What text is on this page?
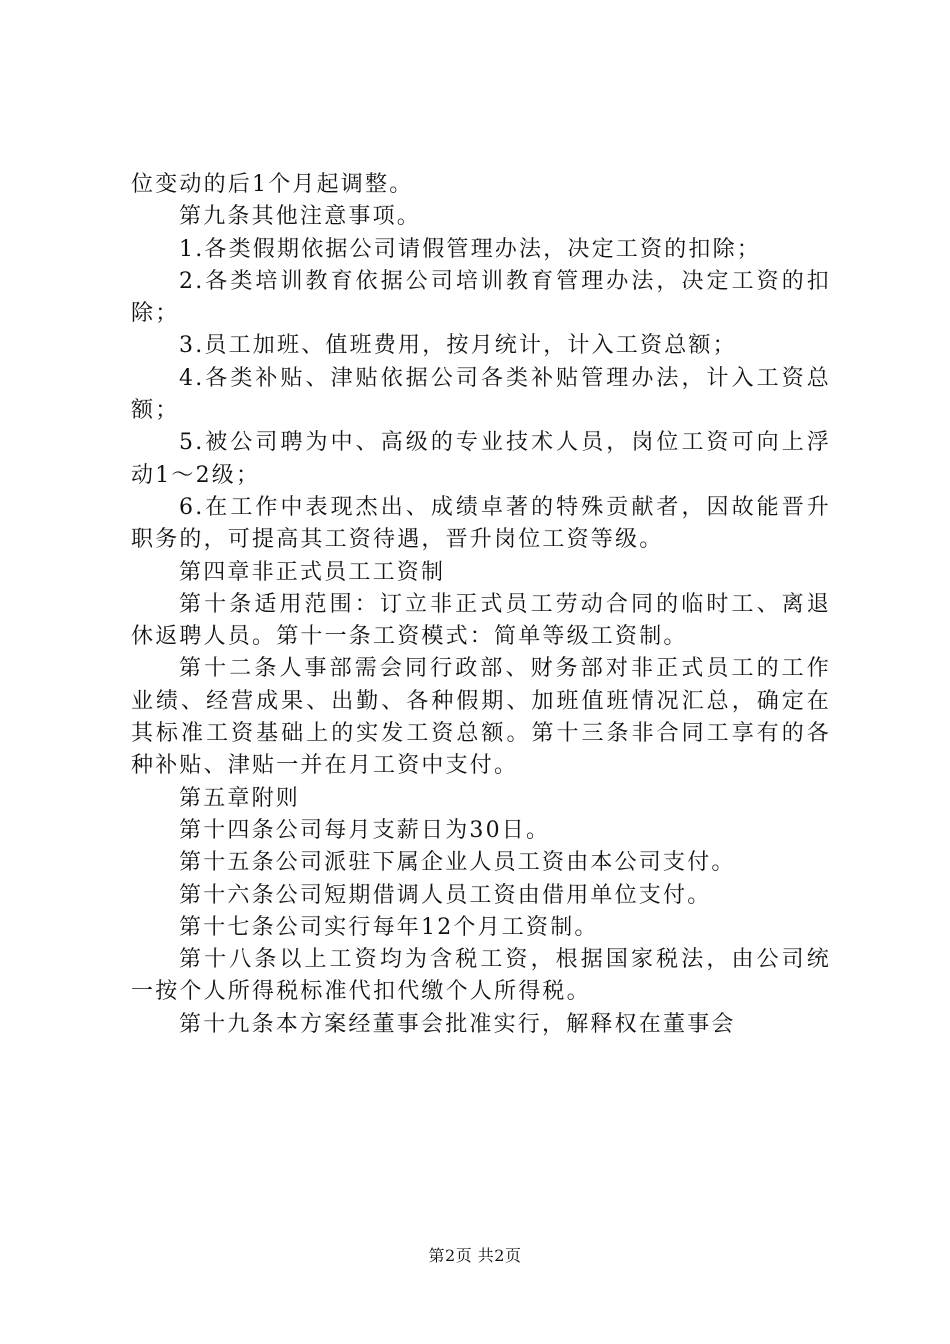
位变动的后1个月起调整。

第九条其他注意事项。

1.各类假期依据公司请假管理办法，决定工资的扣除；

2.各类培训教育依据公司培训教育管理办法，决定工资的扣除；

3.员工加班、值班费用，按月统计，计入工资总额；

4.各类补贴、津贴依据公司各类补贴管理办法，计入工资总额；

5.被公司聘为中、高级的专业技术人员，岗位工资可向上浮动1～2级；

6.在工作中表现杰出、成绩卓著的特殊贡献者，因故能晋升职务的，可提高其工资待遇，晋升岗位工资等级。

第四章非正式员工工资制

第十条适用范围：订立非正式员工劳动合同的临时工、离退休返聘人员。第十一条工资模式：简单等级工资制。

第十二条人事部需会同行政部、财务部对非正式员工的工作业绩、经营成果、出勤、各种假期、加班值班情况汇总，确定在其标准工资基础上的实发工资总额。第十三条非合同工享有的各种补贴、津贴一并在月工资中支付。

第五章附则

第十四条公司每月支薪日为30日。

第十五条公司派驻下属企业人员工资由本公司支付。

第十六条公司短期借调人员工资由借用单位支付。

第十七条公司实行每年12个月工资制。

第十八条以上工资均为含税工资，根据国家税法，由公司统一按个人所得税标准代扣代缴个人所得税。

第十九条本方案经董事会批准实行，解释权在董事会

第2页 共2页
